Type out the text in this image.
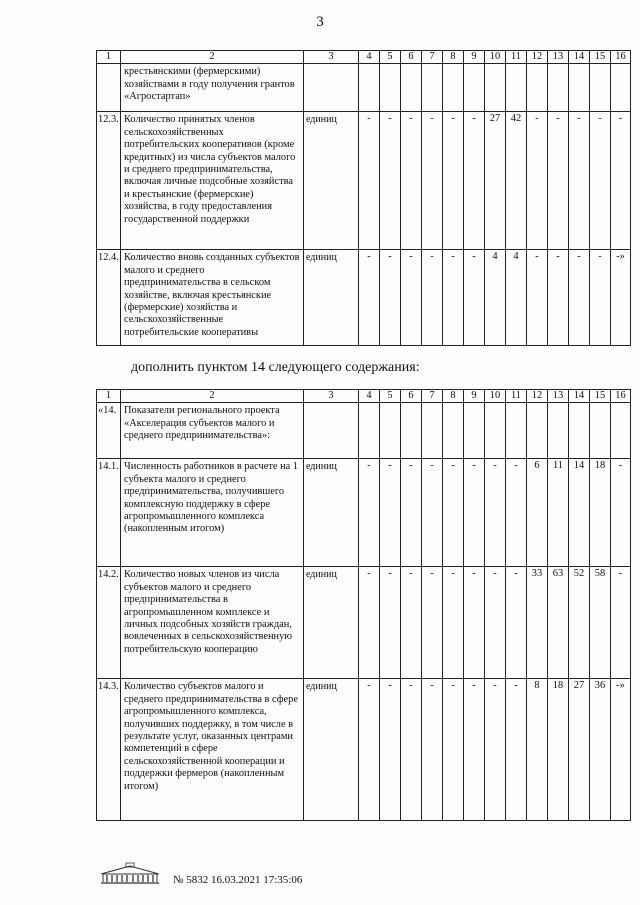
3
1	2	3	4	5	6	7	8	9	10	11	12	13	14	15	16
	крестьянскими (фермерскими) хозяйствами в году получения грантов «Агростартап»														
12.3.	Количество принятых членов сельскохозяйственных потребительских кооперативов (кроме кредитных) из числа субъектов малого и среднего предпринимательства, включая личные подсобные хозяйства и крестьянские (фермерские) хозяйства, в году предоставления государственной поддержки	единиц	-	-	-	-	-	-	27	42	-	-	-	-	-
12.4.	Количество вновь созданных субъектов малого и среднего предпринимательства в сельском хозяйстве, включая крестьянские (фермерские) хозяйства и сельскохозяйственные потребительские кооперативы	единиц	-	-	-	-	-	-	4	4	-	-	-	-	-»
дополнить пунктом 14 следующего содержания:
1	2	3	4	5	6	7	8	9	10	11	12	13	14	15	16
«14.	Показатели регионального проекта «Акселерация субъектов малого и среднего предпринимательства»:														
14.1.	Численность работников в расчете на 1 субъекта малого и среднего предпринимательства, получившего комплексную поддержку в сфере агропромышленного комплекса (накопленным итогом)	единиц	-	-	-	-	-	-	-	-	6	11	14	18	-
14.2.	Количество новых членов из числа субъектов малого и среднего предпринимательства в агропромышленном комплексе и личных подсобных хозяйств граждан, вовлеченных в сельскохозяйственную потребительскую кооперацию	единиц	-	-	-	-	-	-	-	-	33	63	52	58	-
14.3.	Количество субъектов малого и среднего предпринимательства в сфере агропромышленного комплекса, получивших поддержку, в том числе в результате услуг, оказанных центрами компетенций в сфере сельскохозяйственной кооперации и поддержки фермеров (накопленным итогом)	единиц	-	-	-	-	-	-	-	-	8	18	27	36	-»
№ 5832 16.03.2021 17:35:06
